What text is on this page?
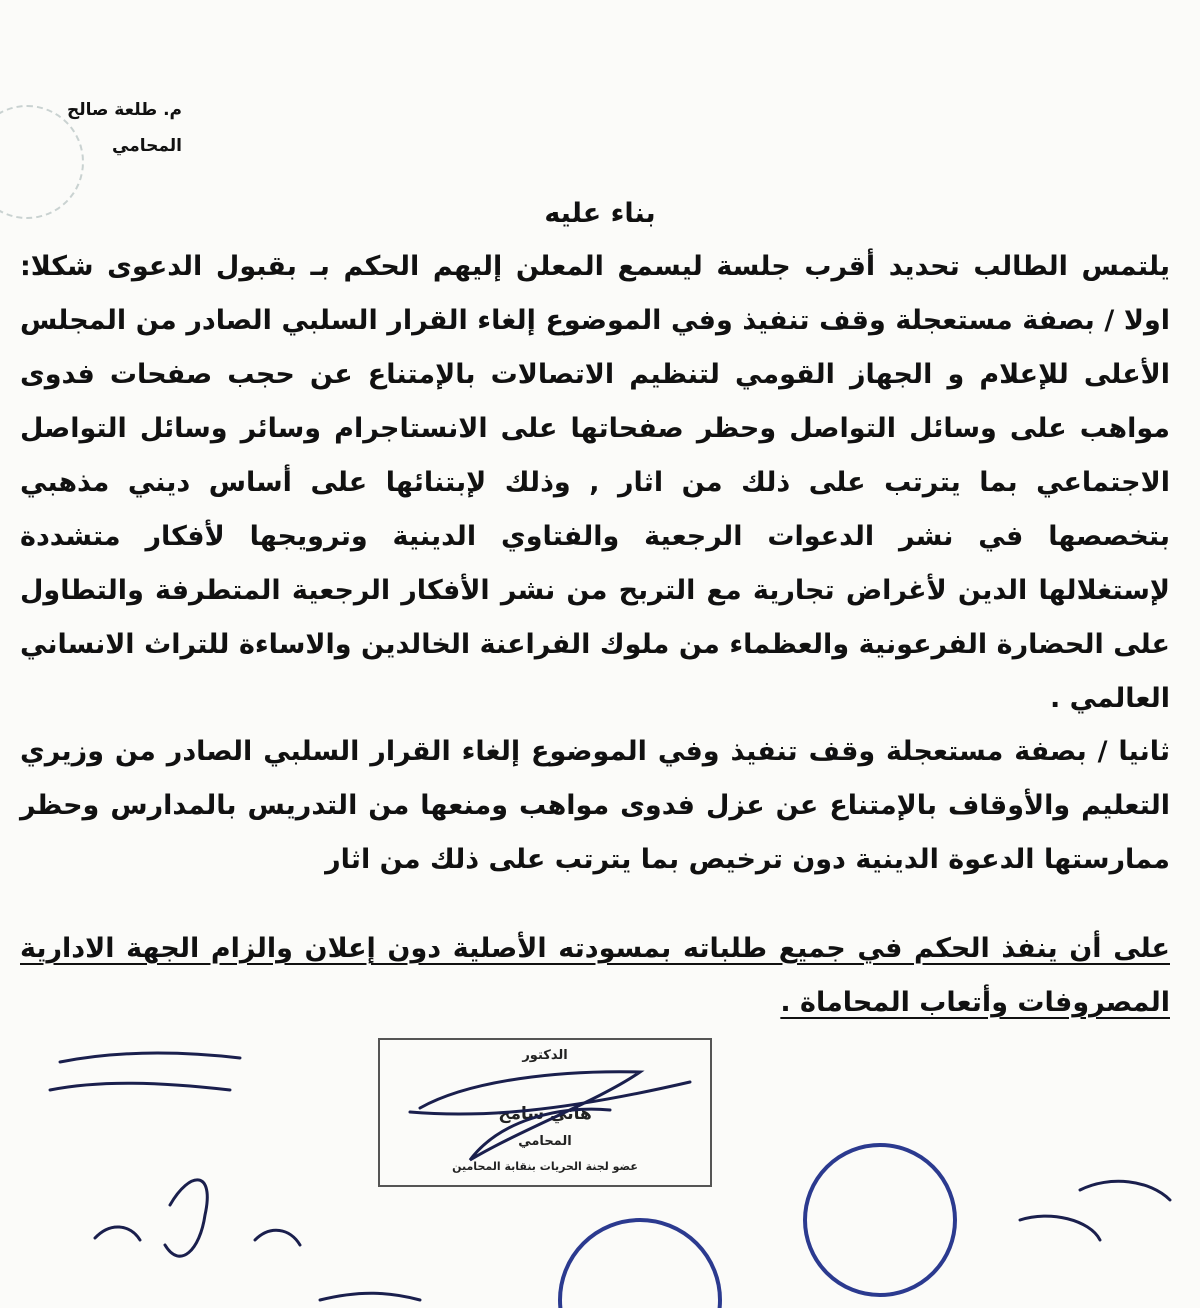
م. طلعة صالح
المحامي
بناء عليه
يلتمس الطالب تحديد أقرب جلسة ليسمع المعلن إليهم الحكم بـ بقبول الدعوى شكلا: اولا / بصفة مستعجلة وقف تنفيذ وفي الموضوع إلغاء القرار السلبي الصادر من المجلس الأعلى للإعلام و الجهاز القومي لتنظيم الاتصالات بالإمتناع عن حجب صفحات فدوى مواهب على وسائل التواصل وحظر صفحاتها على الانستاجرام وسائر وسائل التواصل الاجتماعي بما يترتب على ذلك من اثار , وذلك لإبتنائها على أساس ديني مذهبي بتخصصها في نشر الدعوات الرجعية والفتاوي الدينية وترويجها لأفكار متشددة لإستغلالها الدين لأغراض تجارية مع التربح من نشر الأفكار الرجعية المتطرفة والتطاول على الحضارة الفرعونية والعظماء من ملوك الفراعنة الخالدين والاساءة للتراث الانساني العالمي .
ثانيا / بصفة مستعجلة وقف تنفيذ وفي الموضوع إلغاء القرار السلبي الصادر من وزيري التعليم والأوقاف بالإمتناع عن عزل فدوى مواهب ومنعها من التدريس بالمدارس وحظر ممارستها الدعوة الدينية دون ترخيص بما يترتب على ذلك من اثار
على أن ينفذ الحكم في جميع طلباته بمسودته الأصلية دون إعلان والزام الجهة الادارية المصروفات وأتعاب المحاماة .
الدكتور
هاني سامح
المحامي
عضو لجنة الحريات بنقابة المحامين
